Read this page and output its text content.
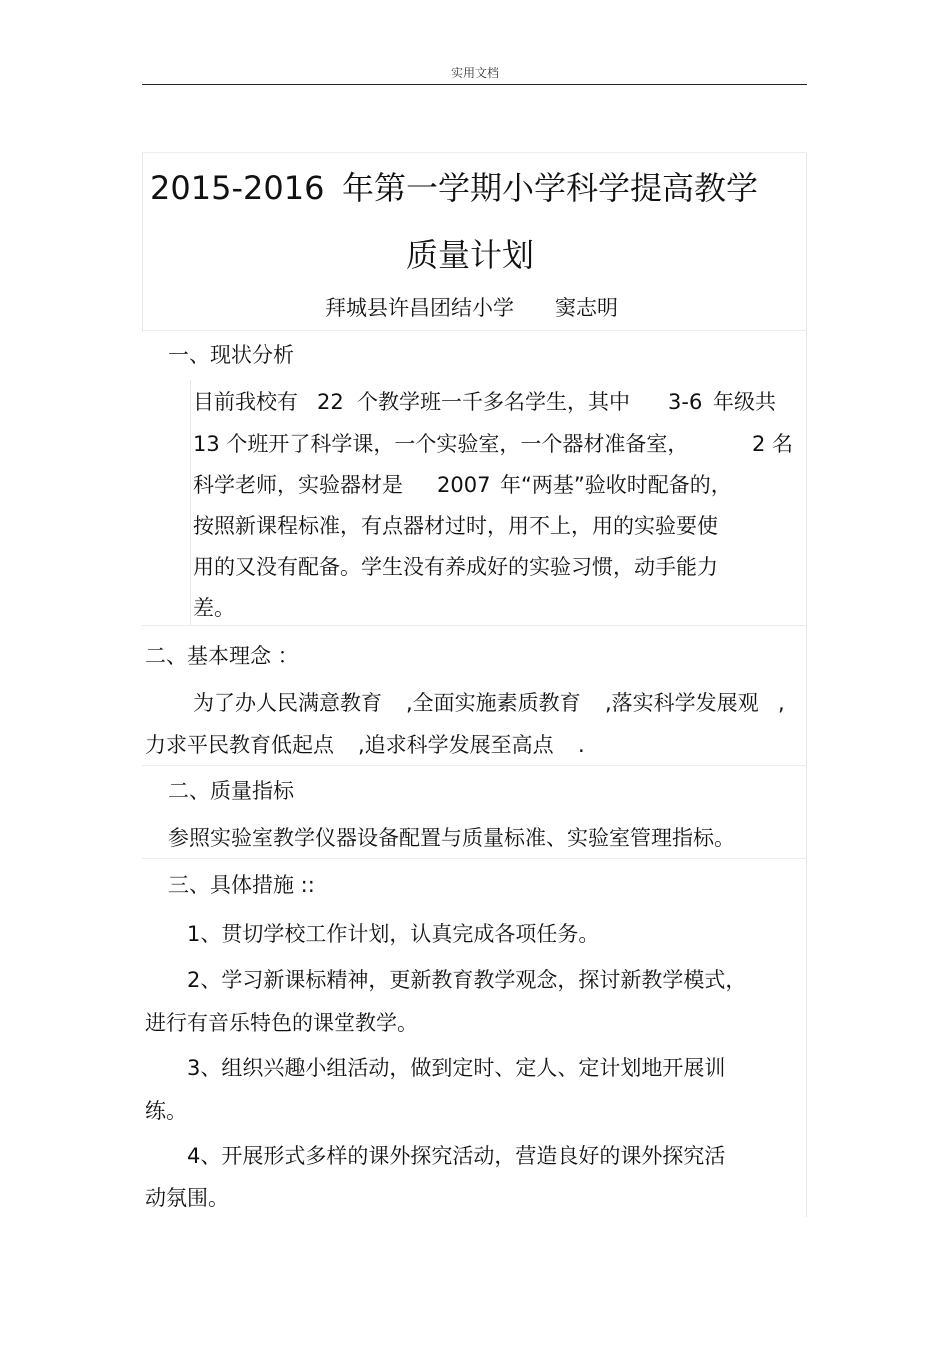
实用文档
2015-2016 年第一学期小学科学提高教学
质量计划
拜城县许昌团结小学 窦志明
一、现状分析
目前我校有 22 个教学班一千多名学生，其中 3-6 年级共
13 个班开了科学课，一个实验室，一个器材准备室，	2 名
科学老师，实验器材是 2007 年“两基”验收时配备的，
按照新课程标准，有点器材过时，用不上，用的实验要使
用的又没有配备。学生没有养成好的实验习惯，动手能力
差。
二、基本理念 ：
为了办人民满意教育 ,全面实施素质教育 ,落实科学发展观 ,
力求平民教育低起点 ,追求科学发展至高点 .
二、质量指标
参照实验室教学仪器设备配置与质量标准、实验室管理指标。
三、具体措施 ::
1、贯切学校工作计划，认真完成各项任务。
2、学习新课标精神，更新教育教学观念，探讨新教学模式，
进行有音乐特色的课堂教学。
3、组织兴趣小组活动，做到定时、定人、定计划地开展训
练。
4、开展形式多样的课外探究活动，营造良好的课外探究活
动氛围。
